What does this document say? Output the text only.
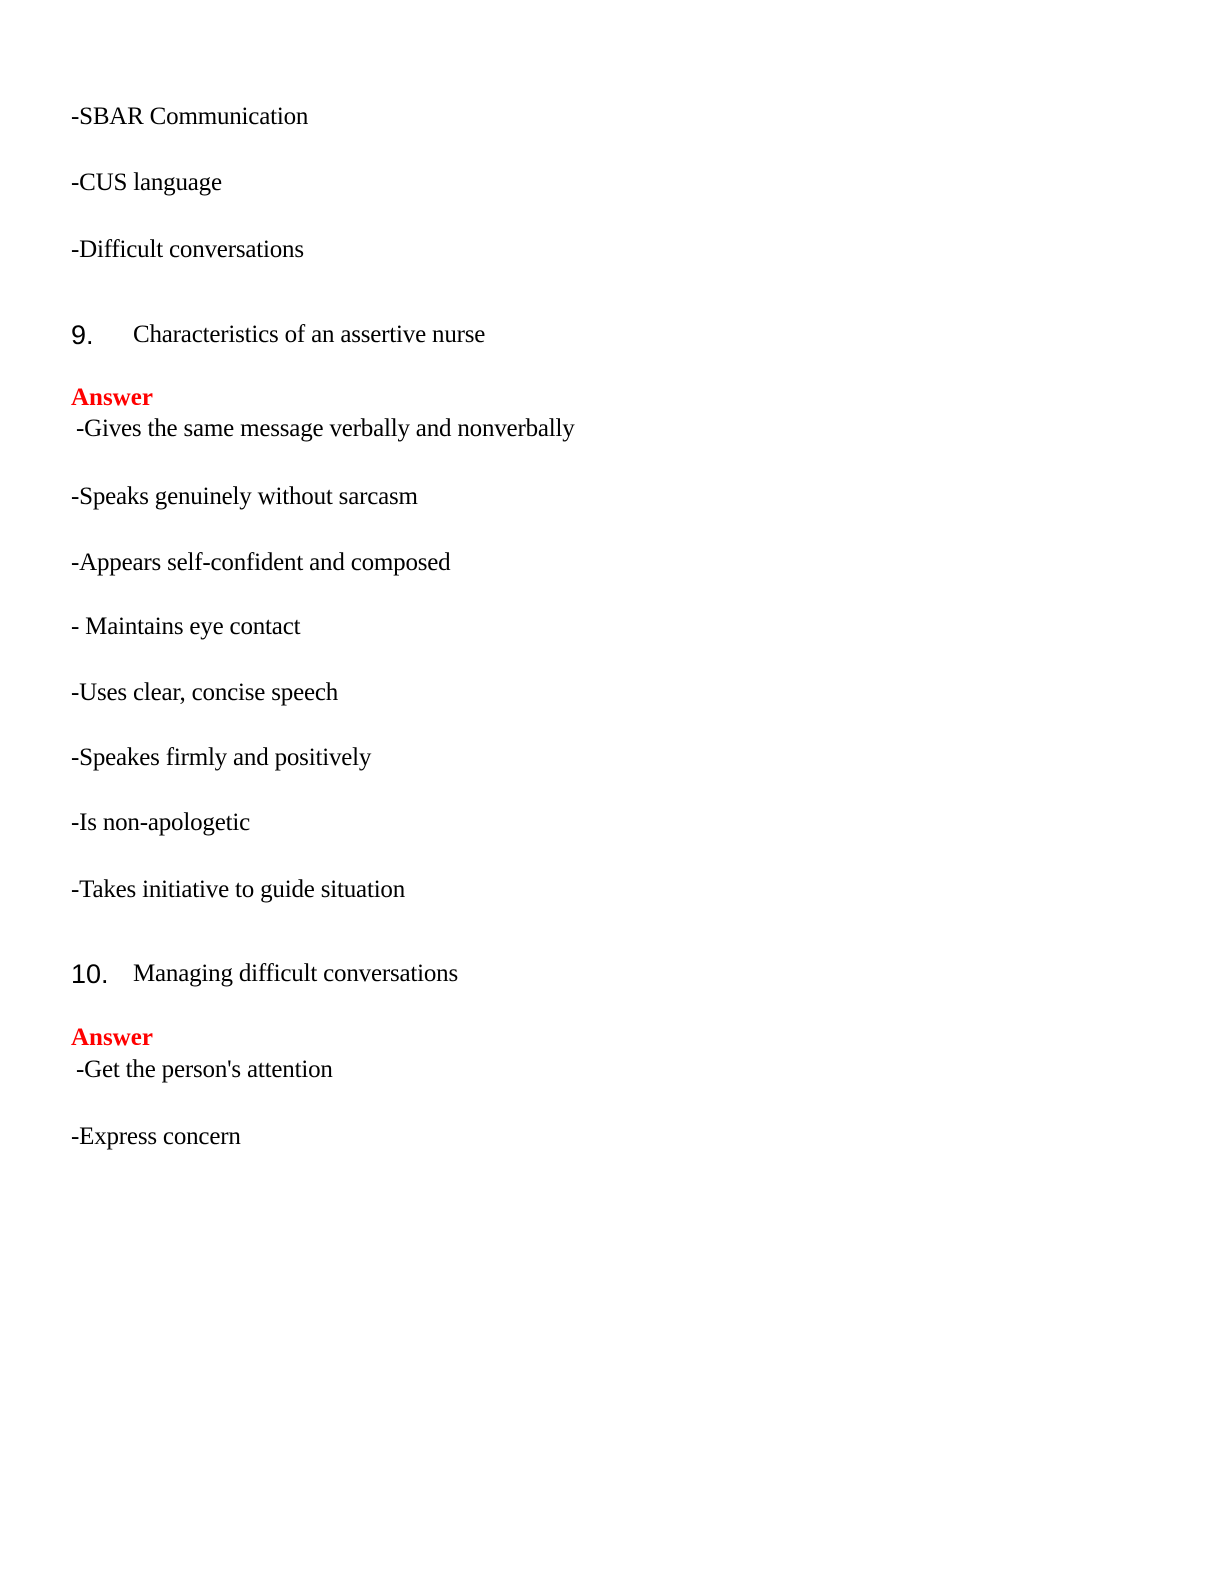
-SBAR Communication
-CUS language
-Difficult conversations
9. Characteristics of an assertive nurse
Answer
-Gives the same message verbally and nonverbally
-Speaks genuinely without sarcasm
-Appears self-confident and composed
- Maintains eye contact
-Uses clear, concise speech
-Speakes firmly and positively
-Is non-apologetic
-Takes initiative to guide situation
10. Managing difficult conversations
Answer
-Get the person's attention
-Express concern
